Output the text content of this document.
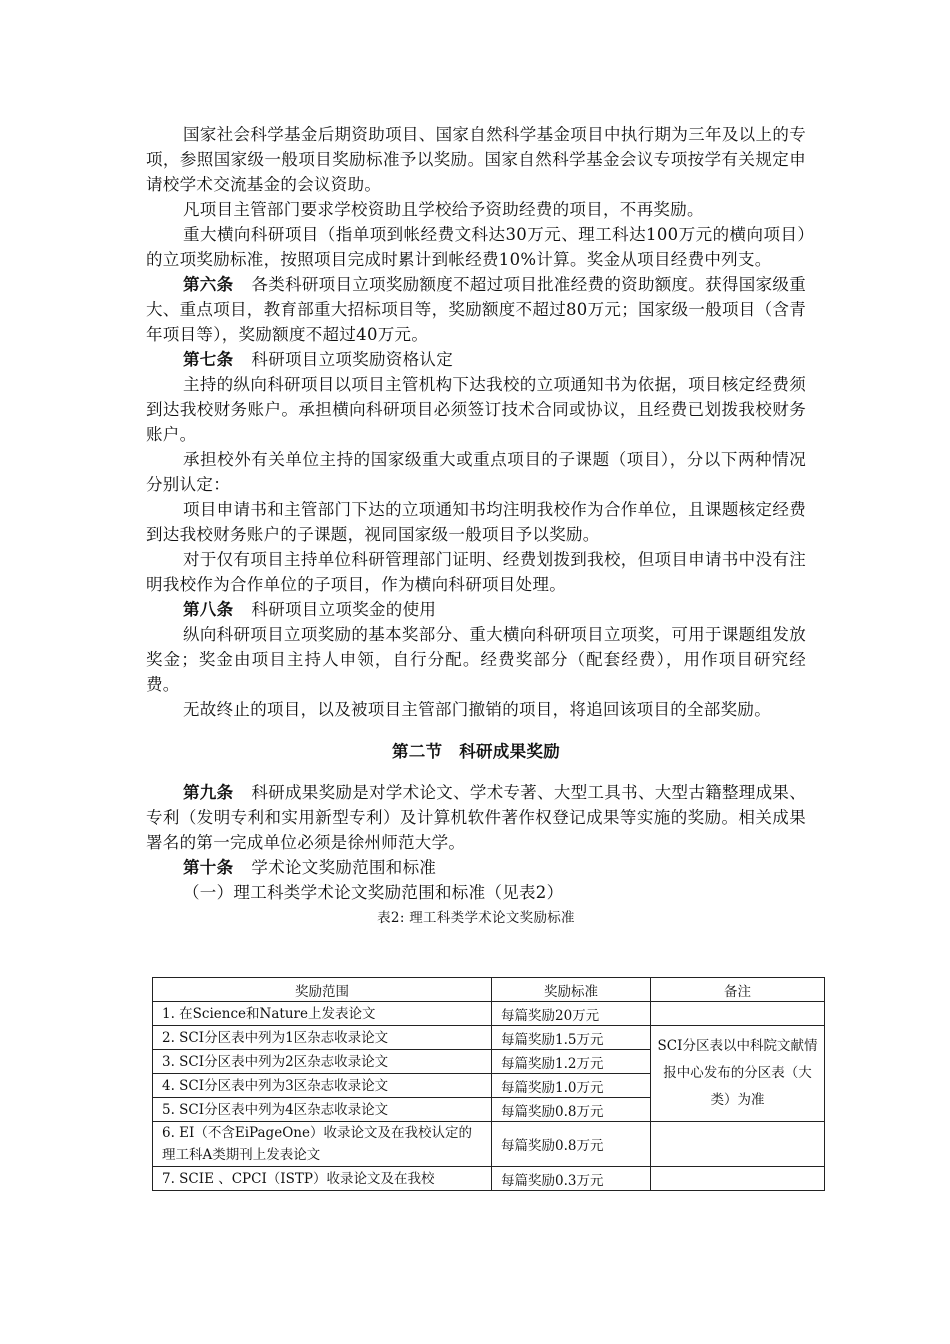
国家社会科学基金后期资助项目、国家自然科学基金项目中执行期为三年及以上的专项，参照国家级一般项目奖励标准予以奖励。国家自然科学基金会议专项按学有关规定申请校学术交流基金的会议资助。

凡项目主管部门要求学校资助且学校给予资助经费的项目，不再奖励。

重大横向科研项目（指单项到帐经费文科达30万元、理工科达100万元的横向项目）的立项奖励标准，按照项目完成时累计到帐经费10%计算。奖金从项目经费中列支。

第六条 各类科研项目立项奖励额度不超过项目批准经费的资助额度。获得国家级重大、重点项目，教育部重大招标项目等，奖励额度不超过80万元；国家级一般项目（含青年项目等），奖励额度不超过40万元。

第七条 科研项目立项奖励资格认定

主持的纵向科研项目以项目主管机构下达我校的立项通知书为依据，项目核定经费须到达我校财务账户。承担横向科研项目必须签订技术合同或协议，且经费已划拨我校财务账户。

承担校外有关单位主持的国家级重大或重点项目的子课题（项目），分以下两种情况分别认定：

项目申请书和主管部门下达的立项通知书均注明我校作为合作单位，且课题核定经费到达我校财务账户的子课题，视同国家级一般项目予以奖励。

对于仅有项目主持单位科研管理部门证明、经费划拨到我校，但项目申请书中没有注明我校作为合作单位的子项目，作为横向科研项目处理。

第八条 科研项目立项奖金的使用

纵向科研项目立项奖励的基本奖部分、重大横向科研项目立项奖，可用于课题组发放奖金；奖金由项目主持人申领，自行分配。经费奖部分（配套经费），用作项目研究经费。

无故终止的项目，以及被项目主管部门撤销的项目，将追回该项目的全部奖励。

第二节　科研成果奖励

第九条 科研成果奖励是对学术论文、学术专著、大型工具书、大型古籍整理成果、专利（发明专利和实用新型专利）及计算机软件著作权登记成果等实施的奖励。相关成果署名的第一完成单位必须是徐州师范大学。

第十条 学术论文奖励范围和标准

（一）理工科类学术论文奖励范围和标准（见表2）

表2: 理工科类学术论文奖励标准

奖励范围	奖励标准	备注
1. 在Science和Nature上发表论文	每篇奖励20万元	
2. SCI分区表中列为1区杂志收录论文	每篇奖励1.5万元	SCI分区表以中科院文献情报中心发布的分区表（大类）为准
3. SCI分区表中列为2区杂志收录论文	每篇奖励1.2万元	
4. SCI分区表中列为3区杂志收录论文	每篇奖励1.0万元	
5. SCI分区表中列为4区杂志收录论文	每篇奖励0.8万元	
6. EI（不含EiPageOne）收录论文及在我校认定的理工科A类期刊上发表论文	每篇奖励0.8万元	
7. SCIE 、CPCI（ISTP）收录论文及在我校	每篇奖励0.3万元	
